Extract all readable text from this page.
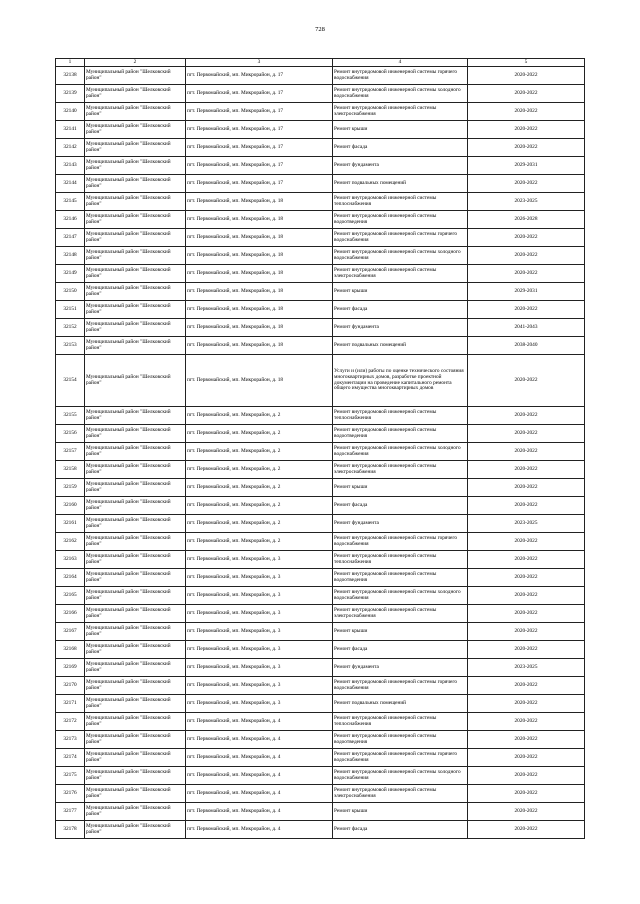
728
1	2	3	4	5
32138	Муниципальный район "Шелковский район"	пгт. Первомайский, мп. Микрорайон, д. 17	Ремонт внутридомовой инженерной системы горячего водоснабжения	2020-2022
32139	Муниципальный район "Шелковский район"	пгт. Первомайский, мп. Микрорайон, д. 17	Ремонт внутридомовой инженерной системы холодного водоснабжения	2020-2022
32140	Муниципальный район "Шелковский район"	пгт. Первомайский, мп. Микрорайон, д. 17	Ремонт внутридомовой инженерной системы электроснабжения	2020-2022
32141	Муниципальный район "Шелковский район"	пгт. Первомайский, мп. Микрорайон, д. 17	Ремонт крыши	2020-2022
32142	Муниципальный район "Шелковский район"	пгт. Первомайский, мп. Микрорайон, д. 17	Ремонт фасада	2020-2022
32143	Муниципальный район "Шелковский район"	пгт. Первомайский, мп. Микрорайон, д. 17	Ремонт фундамента	2029-2031
32144	Муниципальный район "Шелковский район"	пгт. Первомайский, мп. Микрорайон, д. 17	Ремонт подвальных помещений	2020-2022
32145	Муниципальный район "Шелковский район"	пгт. Первомайский, мп. Микрорайон, д. 18	Ремонт внутридомовой инженерной системы теплоснабжения	2023-2025
32146	Муниципальный район "Шелковский район"	пгт. Первомайский, мп. Микрорайон, д. 18	Ремонт внутридомовой инженерной системы водоотведения	2026-2028
32147	Муниципальный район "Шелковский район"	пгт. Первомайский, мп. Микрорайон, д. 18	Ремонт внутридомовой инженерной системы горячего водоснабжения	2020-2022
32148	Муниципальный район "Шелковский район"	пгт. Первомайский, мп. Микрорайон, д. 18	Ремонт внутридомовой инженерной системы холодного водоснабжения	2020-2022
32149	Муниципальный район "Шелковский район"	пгт. Первомайский, мп. Микрорайон, д. 18	Ремонт внутридомовой инженерной системы электроснабжения	2020-2022
32150	Муниципальный район "Шелковский район"	пгт. Первомайский, мп. Микрорайон, д. 18	Ремонт крыши	2029-2031
32151	Муниципальный район "Шелковский район"	пгт. Первомайский, мп. Микрорайон, д. 18	Ремонт фасада	2020-2022
32152	Муниципальный район "Шелковский район"	пгт. Первомайский, мп. Микрорайон, д. 18	Ремонт фундамента	2041-2043
32153	Муниципальный район "Шелковский район"	пгт. Первомайский, мп. Микрорайон, д. 18	Ремонт подвальных помещений	2038-2040
32154	Муниципальный район "Шелковский район"	пгт. Первомайский, мп. Микрорайон, д. 18	Услуги и (или) работы по оценке технического состояния многоквартирных домов, разработке проектной документации на проведение капитального ремонта общего имущества многоквартирных домов	2020-2022
32155	Муниципальный район "Шелковский район"	пгт. Первомайский, мп. Микрорайон, д. 2	Ремонт внутридомовой инженерной системы теплоснабжения	2020-2022
32156	Муниципальный район "Шелковский район"	пгт. Первомайский, мп. Микрорайон, д. 2	Ремонт внутридомовой инженерной системы водоотведения	2020-2022
32157	Муниципальный район "Шелковский район"	пгт. Первомайский, мп. Микрорайон, д. 2	Ремонт внутридомовой инженерной системы холодного водоснабжения	2020-2022
32158	Муниципальный район "Шелковский район"	пгт. Первомайский, мп. Микрорайон, д. 2	Ремонт внутридомовой инженерной системы электроснабжения	2020-2022
32159	Муниципальный район "Шелковский район"	пгт. Первомайский, мп. Микрорайон, д. 2	Ремонт крыши	2020-2022
32160	Муниципальный район "Шелковский район"	пгт. Первомайский, мп. Микрорайон, д. 2	Ремонт фасада	2020-2022
32161	Муниципальный район "Шелковский район"	пгт. Первомайский, мп. Микрорайон, д. 2	Ремонт фундамента	2023-2025
32162	Муниципальный район "Шелковский район"	пгт. Первомайский, мп. Микрорайон, д. 2	Ремонт внутридомовой инженерной системы горячего водоснабжения	2020-2022
32163	Муниципальный район "Шелковский район"	пгт. Первомайский, мп. Микрорайон, д. 3	Ремонт внутридомовой инженерной системы теплоснабжения	2020-2022
32164	Муниципальный район "Шелковский район"	пгт. Первомайский, мп. Микрорайон, д. 3	Ремонт внутридомовой инженерной системы водоотведения	2020-2022
32165	Муниципальный район "Шелковский район"	пгт. Первомайский, мп. Микрорайон, д. 3	Ремонт внутридомовой инженерной системы холодного водоснабжения	2020-2022
32166	Муниципальный район "Шелковский район"	пгт. Первомайский, мп. Микрорайон, д. 3	Ремонт внутридомовой инженерной системы электроснабжения	2020-2022
32167	Муниципальный район "Шелковский район"	пгт. Первомайский, мп. Микрорайон, д. 3	Ремонт крыши	2020-2022
32168	Муниципальный район "Шелковский район"	пгт. Первомайский, мп. Микрорайон, д. 3	Ремонт фасада	2020-2022
32169	Муниципальный район "Шелковский район"	пгт. Первомайский, мп. Микрорайон, д. 3	Ремонт фундамента	2023-2025
32170	Муниципальный район "Шелковский район"	пгт. Первомайский, мп. Микрорайон, д. 3	Ремонт внутридомовой инженерной системы горячего водоснабжения	2020-2022
32171	Муниципальный район "Шелковский район"	пгт. Первомайский, мп. Микрорайон, д. 3	Ремонт подвальных помещений	2020-2022
32172	Муниципальный район "Шелковский район"	пгт. Первомайский, мп. Микрорайон, д. 4	Ремонт внутридомовой инженерной системы теплоснабжения	2020-2022
32173	Муниципальный район "Шелковский район"	пгт. Первомайский, мп. Микрорайон, д. 4	Ремонт внутридомовой инженерной системы водоотведения	2020-2022
32174	Муниципальный район "Шелковский район"	пгт. Первомайский, мп. Микрорайон, д. 4	Ремонт внутридомовой инженерной системы горячего водоснабжения	2020-2022
32175	Муниципальный район "Шелковский район"	пгт. Первомайский, мп. Микрорайон, д. 4	Ремонт внутридомовой инженерной системы холодного водоснабжения	2020-2022
32176	Муниципальный район "Шелковский район"	пгт. Первомайский, мп. Микрорайон, д. 4	Ремонт внутридомовой инженерной системы электроснабжения	2020-2022
32177	Муниципальный район "Шелковский район"	пгт. Первомайский, мп. Микрорайон, д. 4	Ремонт крыши	2020-2022
32178	Муниципальный район "Шелковский район"	пгт. Первомайский, мп. Микрорайон, д. 4	Ремонт фасада	2020-2022
